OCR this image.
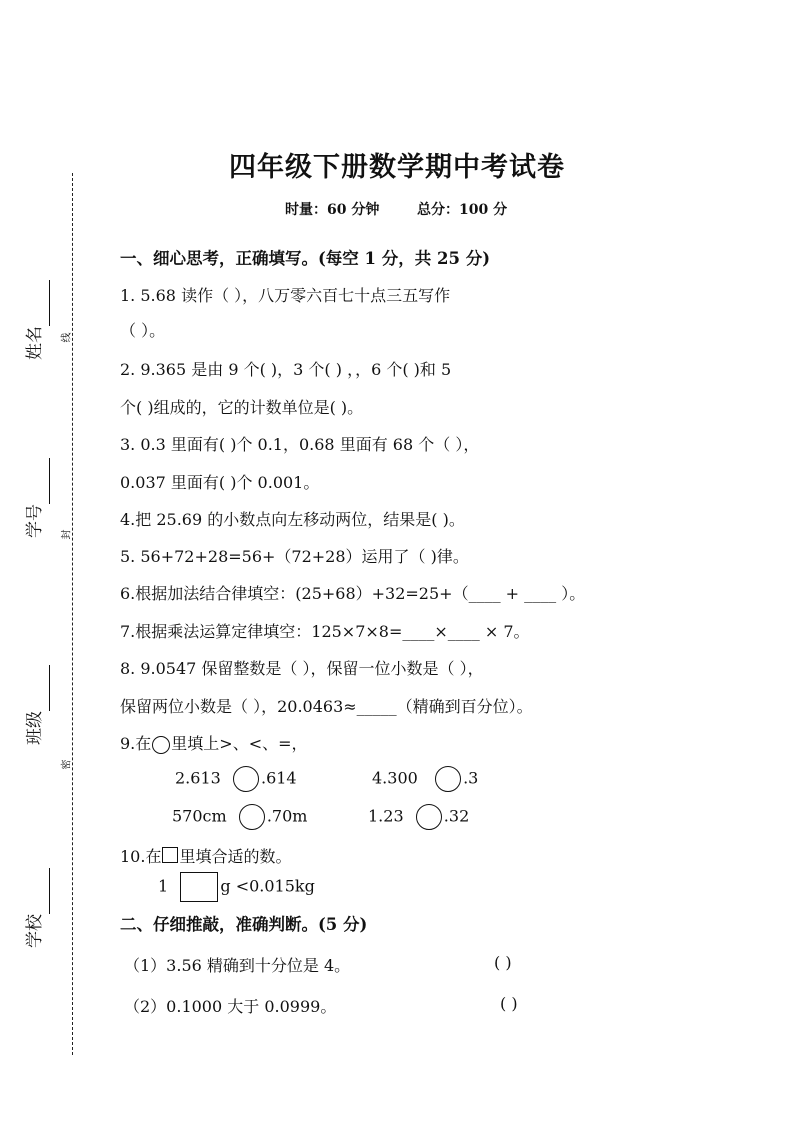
姓名
学号
班级
学校
线
封
密
四年级下册数学期中考试卷
时量：60 分钟	总分：100 分
一、细心思考，正确填写。(每空 1 分，共 25 分)
1. 5.68 读作（ ），八万零六百七十点三五写作
（ ）。
2. 9.365 是由 9 个( )，3 个( ) ，，6 个( )和 5
个( )组成的，它的计数单位是( )。
3. 0.3 里面有( )个 0.1，0.68 里面有 68 个（ ），
0.037 里面有( )个 0.001。
4.把 25.69 的小数点向左移动两位，结果是( )。
5. 56+72+28=56+（72+28）运用了（ )律。
6.根据加法结合律填空：(25+68）+32=25+（____ + ____ ）。
7.根据乘法运算定律填空：125×7×8=____×____ × 7。
8. 9.0547 保留整数是（ ），保留一位小数是（ ），
保留两位小数是（ ），20.0463≈_____（精确到百分位）。
9.在 里填上>、<、=，
2.613	.614	4.300	.3
570cm	.70m	1.23	.32
10.在 里填合适的数。
1	g <0.015kg
二、仔细推敲，准确判断。(5 分)
（1）3.56 精确到十分位是 4。	( )
（2）0.1000 大于 0.0999。	( )
